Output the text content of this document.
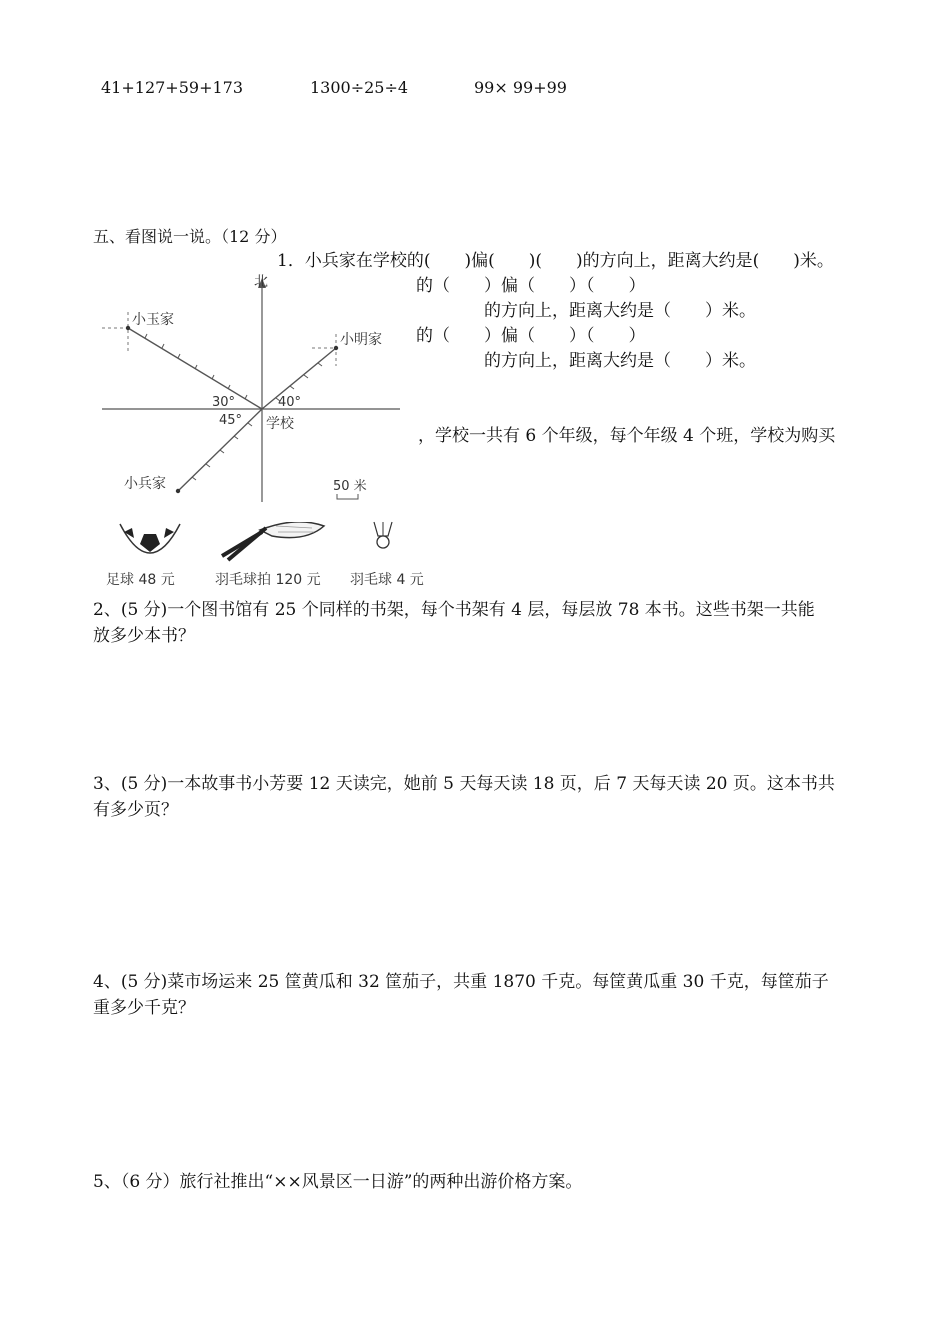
41+127+59+173	1300÷25÷4	99× 99+99
五、看图说一说。（12 分）
1．小兵家在学校的(　　)偏(　　)(　　)的方向上，距离大约是(　　)米。
的（　　）偏（　　）（　　）
的方向上，距离大约是（　　）米。
的（　　）偏（　　）（　　）
的方向上，距离大约是（　　）米。
，学校一共有 6 个年级，每个年级 4 个班，学校为购买
北
小玉家
小明家
小兵家
30°	40°
45° 学校
50 米
足球 48 元	羽毛球拍 120 元 羽毛球 4 元
2、(5 分)一个图书馆有 25 个同样的书架，每个书架有 4 层，每层放 78 本书。这些书架一共能
放多少本书？
3、(5 分)一本故事书小芳要 12 天读完，她前 5 天每天读 18 页，后 7 天每天读 20 页。这本书共
有多少页？
4、(5 分)菜市场运来 25 筐黄瓜和 32 筐茄子，共重 1870 千克。每筐黄瓜重 30 千克，每筐茄子
重多少千克？
5、（6 分）旅行社推出“××风景区一日游”的两种出游价格方案。
